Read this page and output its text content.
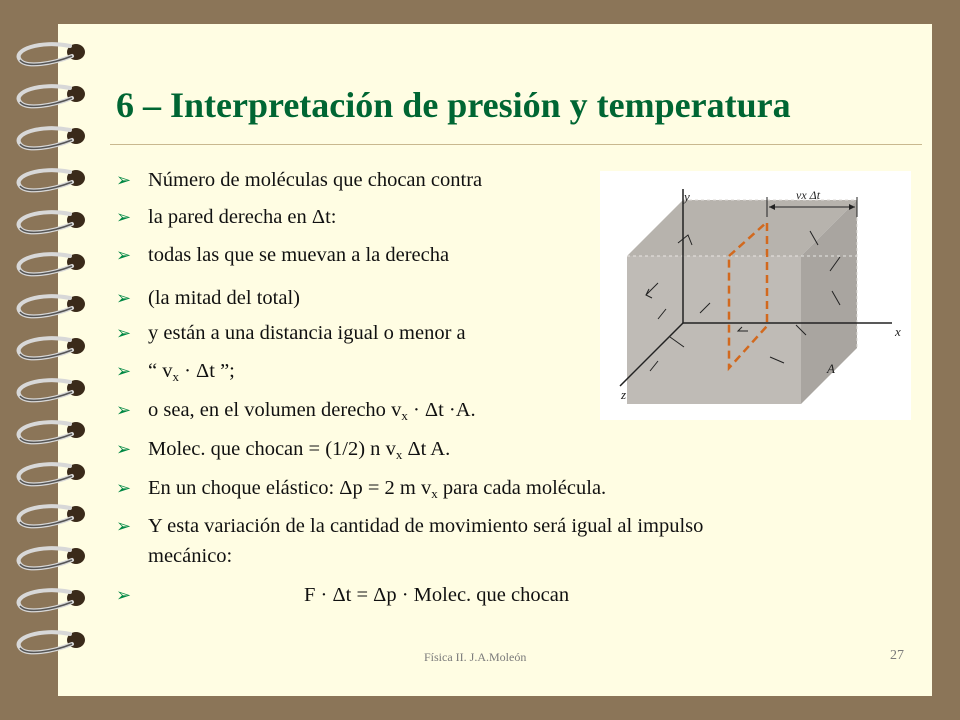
6 – Interpretación de presión y temperatura
y
x
z
A
vx Δt
➢ Número de moléculas que chocan contra
➢ la pared derecha en Δt:
➢ todas las que se muevan a la derecha
➢ (la mitad del total)
➢ y están a una distancia igual o menor a
➢ “ $v_x \cdot \Delta t$ ”;
➢ o sea, en el volumen derecho $v_x \cdot \Delta t \cdot A$.
➢ Molec. que chocan = (1/2) n $v_x$ Δt A.
➢ En un choque elástico: Δp = 2 m $v_x$ para cada molécula.
➢ Y esta variación de la cantidad de movimiento será igual al impulso
mecánico:
➢	F · Δt = Δp · Molec. que chocan
Física II. J.A.Moleón	27
